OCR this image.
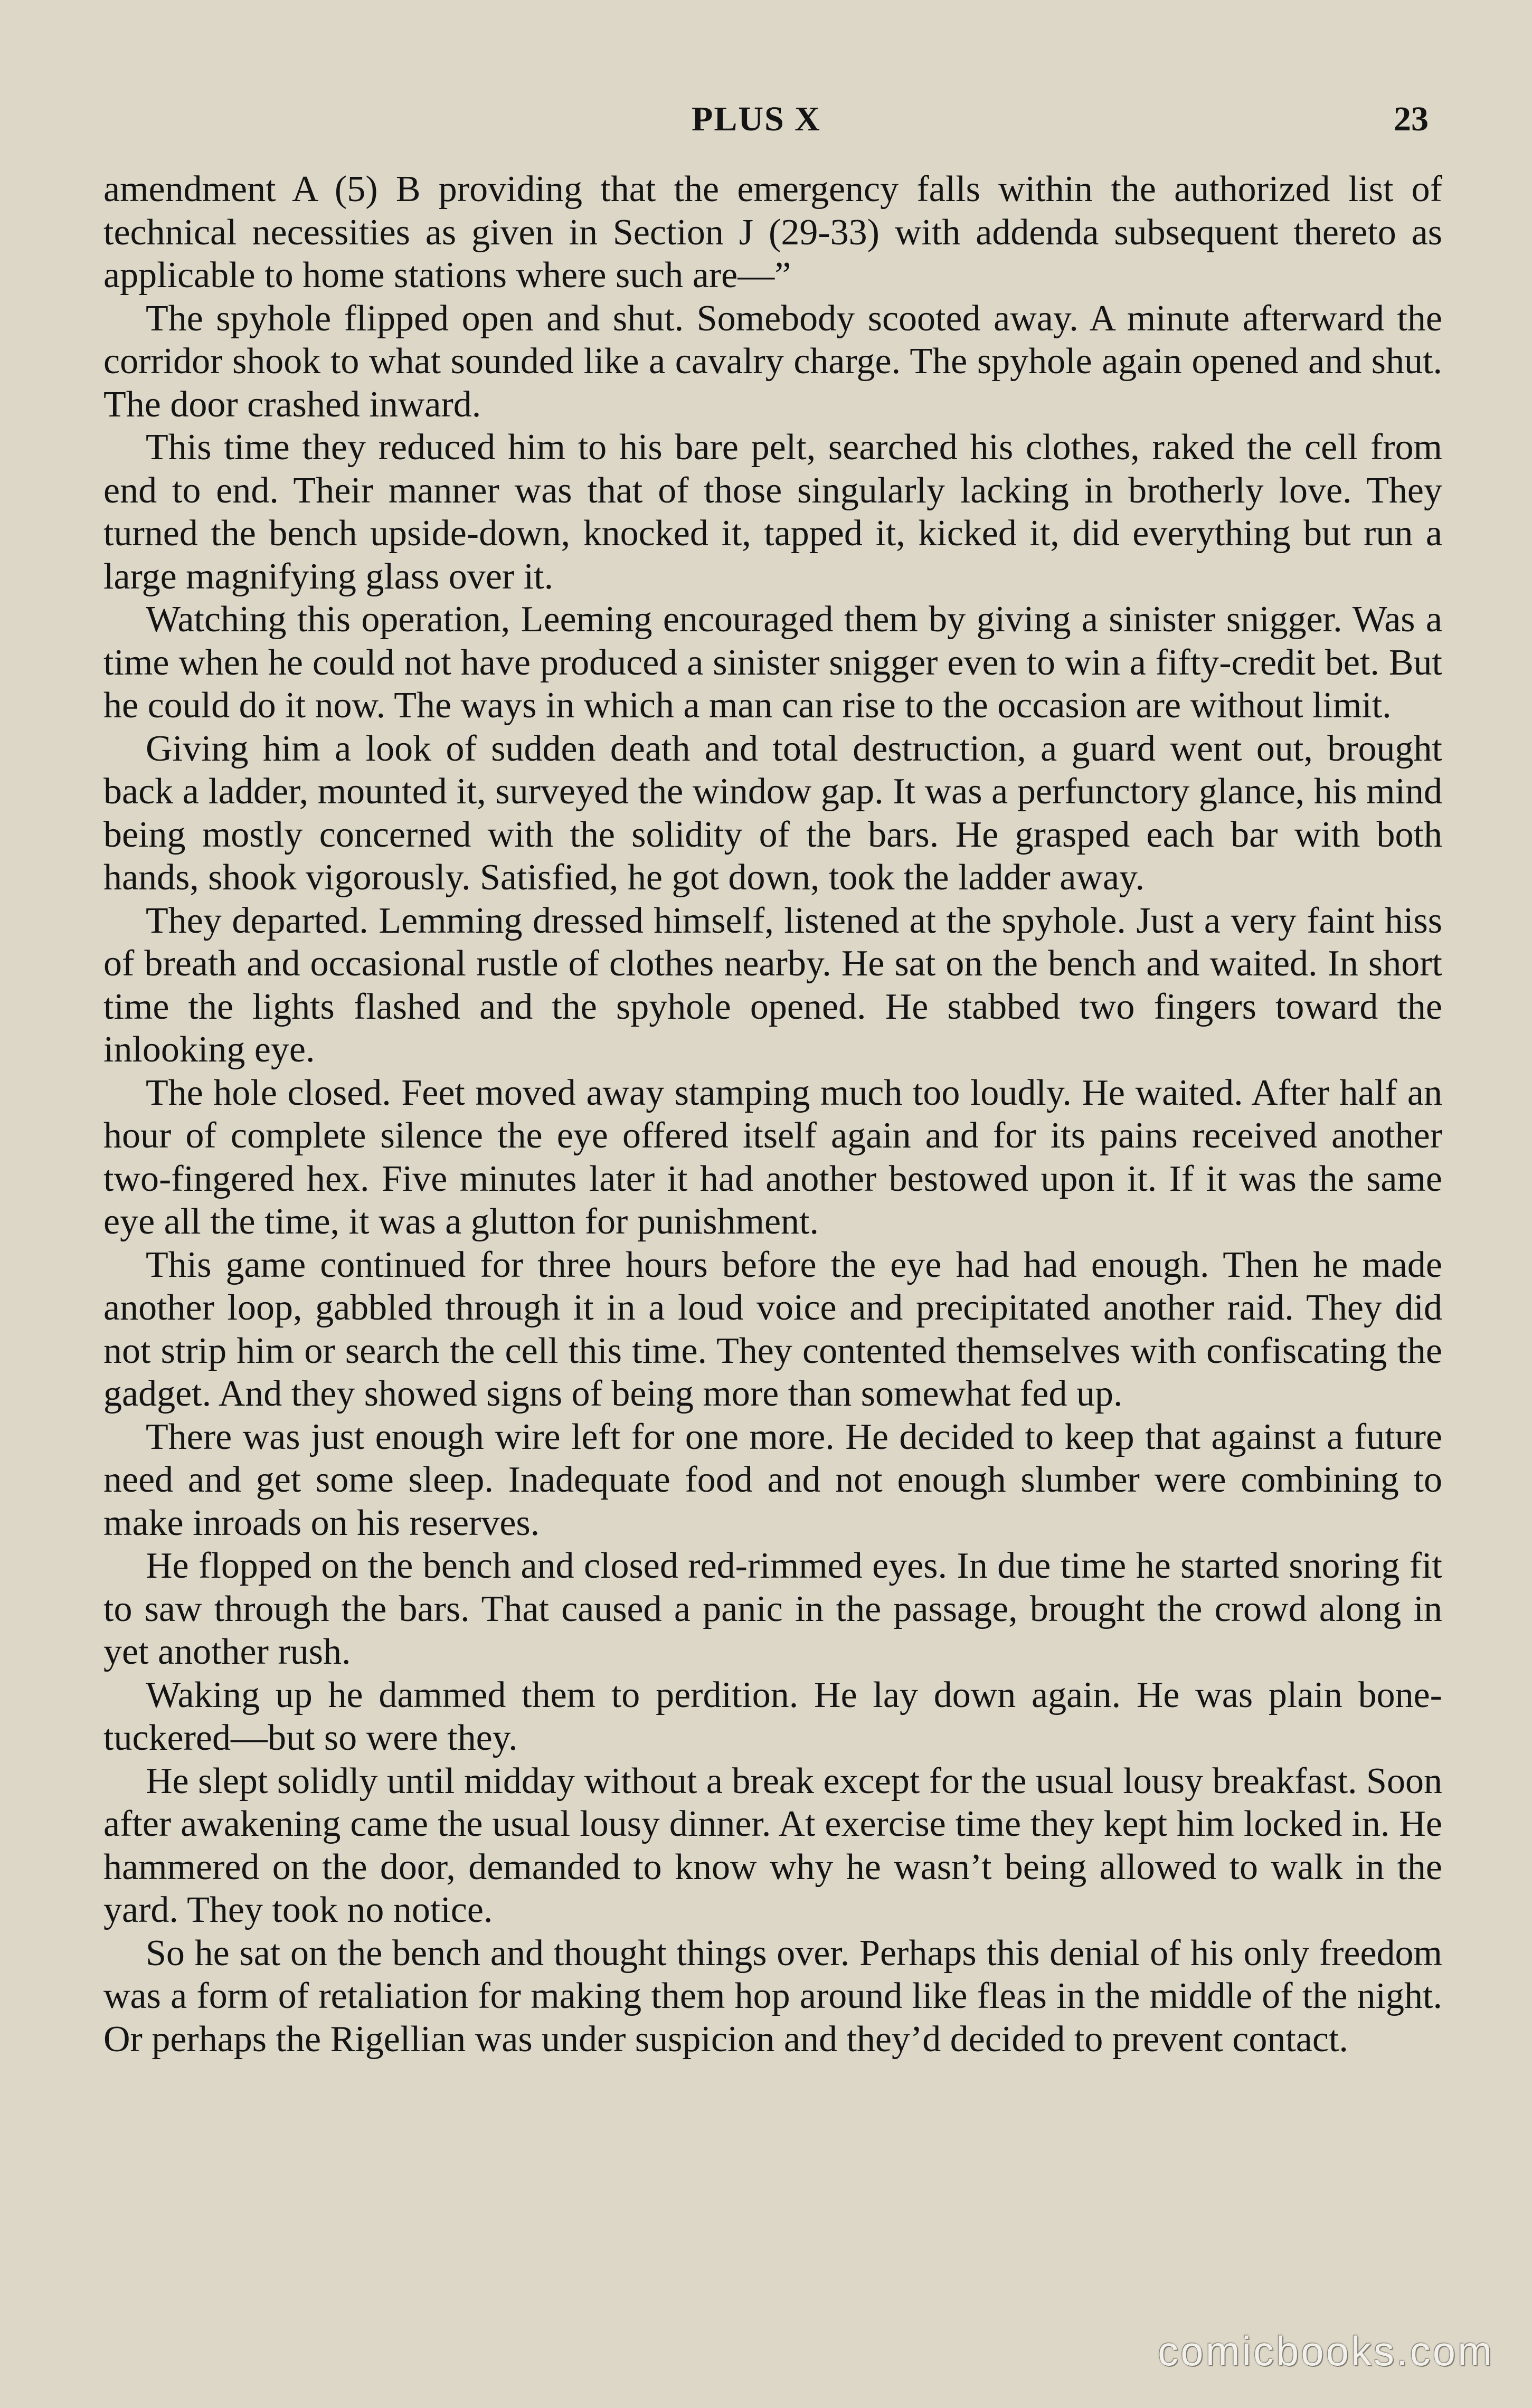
PLUS X	23

amendment A (5) B providing that the emergency falls within the authorized list of technical necessities as given in Section J (29-33) with addenda subsequent thereto as applicable to home stations where such are—”

The spyhole flipped open and shut. Somebody scooted away. A minute afterward the corridor shook to what sounded like a cavalry charge. The spyhole again opened and shut. The door crashed inward.

This time they reduced him to his bare pelt, searched his clothes, raked the cell from end to end. Their manner was that of those singularly lacking in brotherly love. They turned the bench upside-down, knocked it, tapped it, kicked it, did everything but run a large magnifying glass over it.

Watching this operation, Leeming encouraged them by giving a sinister snigger. Was a time when he could not have produced a sinister snigger even to win a fifty-credit bet. But he could do it now. The ways in which a man can rise to the occasion are without limit.

Giving him a look of sudden death and total destruction, a guard went out, brought back a ladder, mounted it, surveyed the window gap. It was a perfunctory glance, his mind being mostly concerned with the solidity of the bars. He grasped each bar with both hands, shook vigorously. Satisfied, he got down, took the ladder away.

They departed. Lemming dressed himself, listened at the spyhole. Just a very faint hiss of breath and occasional rustle of clothes nearby. He sat on the bench and waited. In short time the lights flashed and the spyhole opened. He stabbed two fingers toward the inlooking eye.

The hole closed. Feet moved away stamping much too loudly. He waited. After half an hour of complete silence the eye offered itself again and for its pains received another two-fingered hex. Five minutes later it had another bestowed upon it. If it was the same eye all the time, it was a glutton for punishment.

This game continued for three hours before the eye had had enough. Then he made another loop, gabbled through it in a loud voice and precipitated another raid. They did not strip him or search the cell this time. They contented themselves with confiscating the gadget. And they showed signs of being more than somewhat fed up.

There was just enough wire left for one more. He decided to keep that against a future need and get some sleep. Inadequate food and not enough slumber were combining to make inroads on his reserves.

He flopped on the bench and closed red-rimmed eyes. In due time he started snoring fit to saw through the bars. That caused a panic in the passage, brought the crowd along in yet another rush.

Waking up he dammed them to perdition. He lay down again. He was plain bone-tuckered—but so were they.

He slept solidly until midday without a break except for the usual lousy breakfast. Soon after awakening came the usual lousy dinner. At exercise time they kept him locked in. He hammered on the door, demanded to know why he wasn’t being allowed to walk in the yard. They took no notice.

So he sat on the bench and thought things over. Perhaps this denial of his only freedom was a form of retaliation for making them hop around like fleas in the middle of the night. Or perhaps the Rigellian was under suspicion and they’d decided to prevent contact.

comicbooks.com
